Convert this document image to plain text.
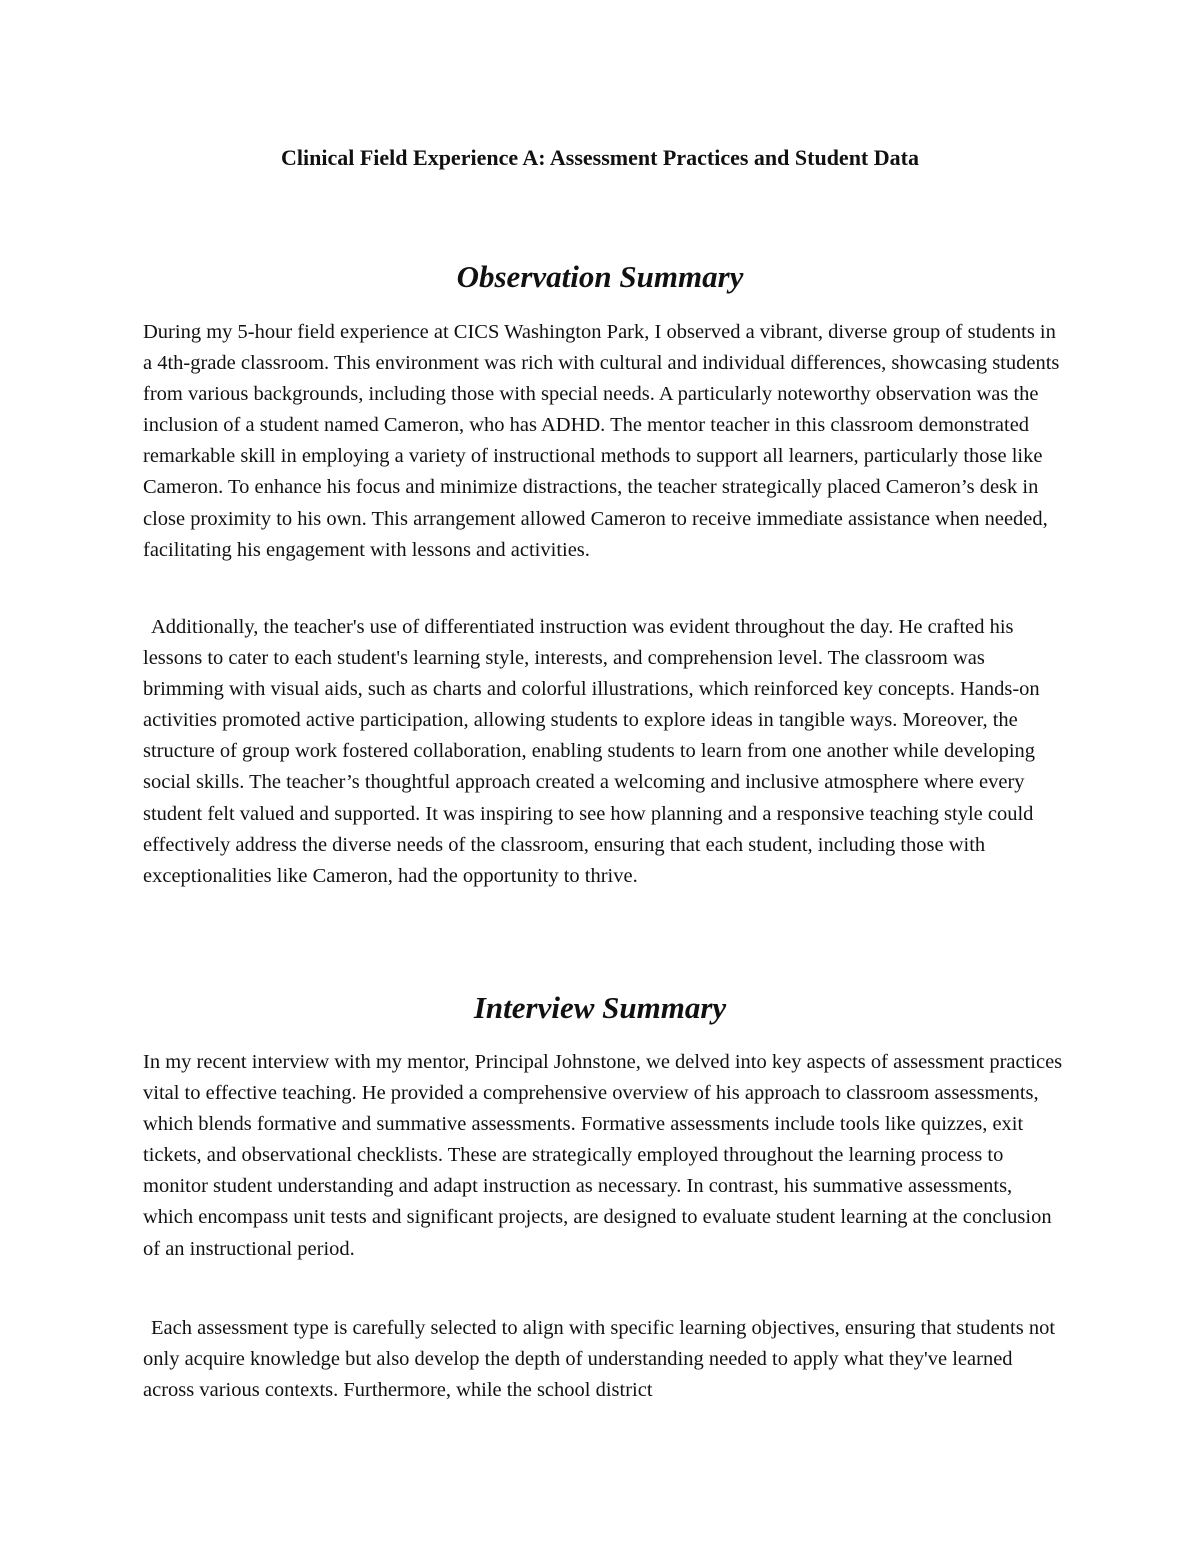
Clinical Field Experience A: Assessment Practices and Student Data
Observation Summary

During my 5-hour field experience at CICS Washington Park, I observed a vibrant, diverse group of students in a 4th-grade classroom. This environment was rich with cultural and individual differences, showcasing students from various backgrounds, including those with special needs. A particularly noteworthy observation was the inclusion of a student named Cameron, who has ADHD. The mentor teacher in this classroom demonstrated remarkable skill in employing a variety of instructional methods to support all learners, particularly those like Cameron. To enhance his focus and minimize distractions, the teacher strategically placed Cameron’s desk in close proximity to his own. This arrangement allowed Cameron to receive immediate assistance when needed, facilitating his engagement with lessons and activities.

Additionally, the teacher's use of differentiated instruction was evident throughout the day. He crafted his lessons to cater to each student's learning style, interests, and comprehension level. The classroom was brimming with visual aids, such as charts and colorful illustrations, which reinforced key concepts. Hands-on activities promoted active participation, allowing students to explore ideas in tangible ways. Moreover, the structure of group work fostered collaboration, enabling students to learn from one another while developing social skills. The teacher’s thoughtful approach created a welcoming and inclusive atmosphere where every student felt valued and supported. It was inspiring to see how planning and a responsive teaching style could effectively address the diverse needs of the classroom, ensuring that each student, including those with exceptionalities like Cameron, had the opportunity to thrive.

Interview Summary

In my recent interview with my mentor, Principal Johnstone, we delved into key aspects of assessment practices vital to effective teaching. He provided a comprehensive overview of his approach to classroom assessments, which blends formative and summative assessments. Formative assessments include tools like quizzes, exit tickets, and observational checklists. These are strategically employed throughout the learning process to monitor student understanding and adapt instruction as necessary. In contrast, his summative assessments, which encompass unit tests and significant projects, are designed to evaluate student learning at the conclusion of an instructional period.

Each assessment type is carefully selected to align with specific learning objectives, ensuring that students not only acquire knowledge but also develop the depth of understanding needed to apply what they've learned across various contexts. Furthermore, while the school district
